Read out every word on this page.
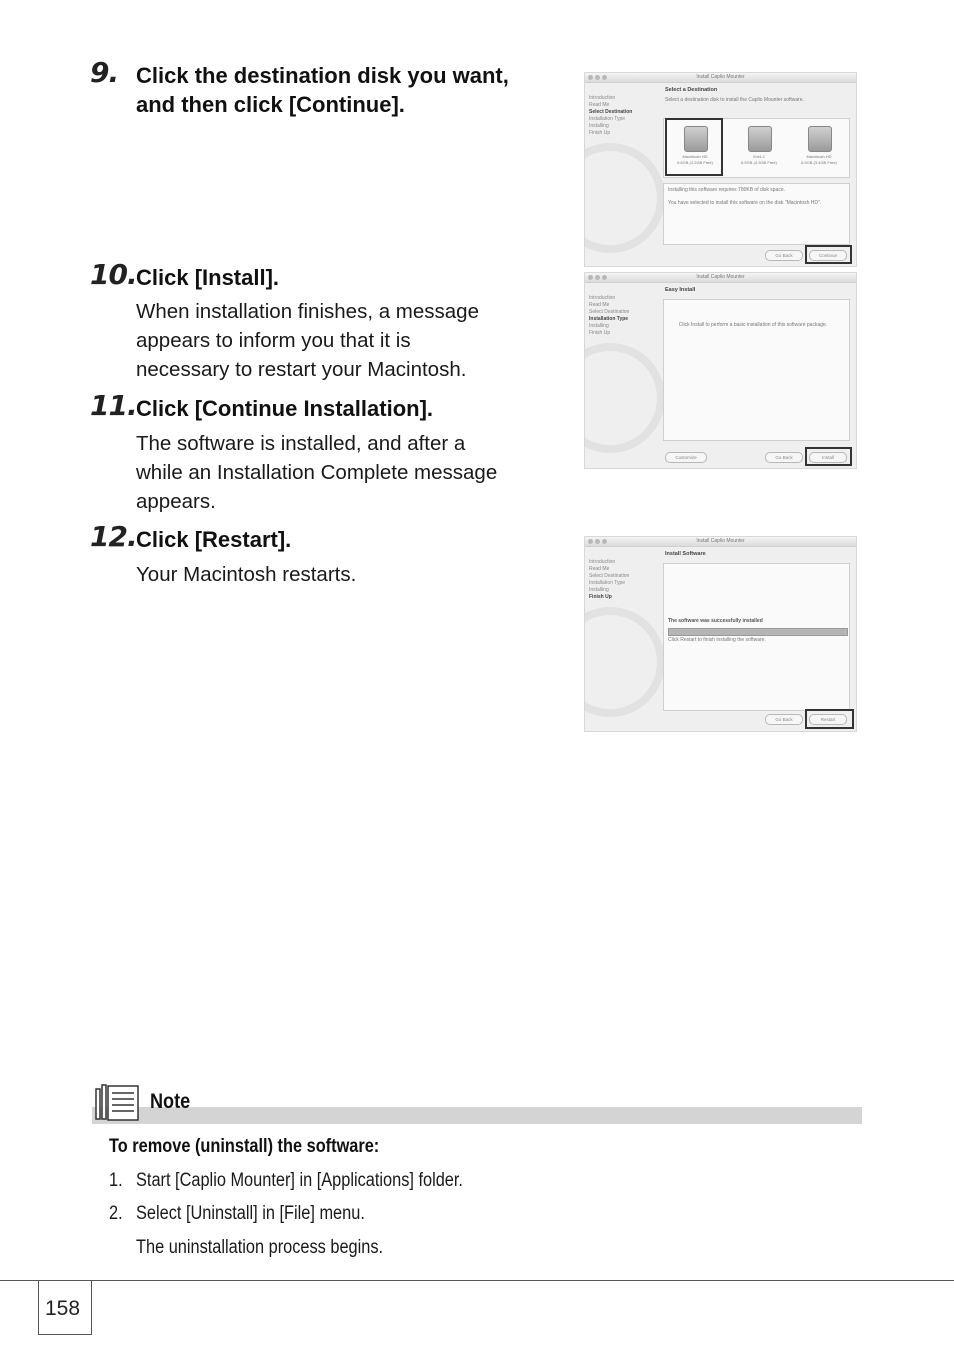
9. Click the destination disk you want,
and then click [Continue].
10. Click [Install].
When installation finishes, a message
appears to inform you that it is
necessary to restart your Macintosh.
11. Click [Continue Installation].
The software is installed, and after a
while an Installation Complete message
appears.
12. Click [Restart].
Your Macintosh restarts.
Install Caplio Mounter
Introduction
Read Me
Select Destination
Installation Type
Installing
Finish Up
Select a Destination
Select a destination disk to install the Caplio Mounter software.
Macintosh HD
9.6GB (4.2GB Free)
Ext4.2
6.9GB (4.3GB Free)
Macintosh HD
6.9GB (3.4GB Free)
Installing this software requires 780KB of disk space.
You have selected to install this software on the disk "Macintosh HD".
Go Back	Continue
Install Caplio Mounter
Introduction
Read Me
Select Destination
Installation Type
Installing
Finish Up
Easy Install
Click Install to perform a basic installation of this software package.
Customize	Go Back	Install
Install Caplio Mounter
Introduction
Read Me
Select Destination
Installation Type
Installing
Finish Up
Install Software
The software was successfully installed
Click Restart to finish installing the software.
Go Back	Restart
Note
To remove (uninstall) the software:
1. Start [Caplio Mounter] in [Applications] folder.
2. Select [Uninstall] in [File] menu.
The uninstallation process begins.
158
